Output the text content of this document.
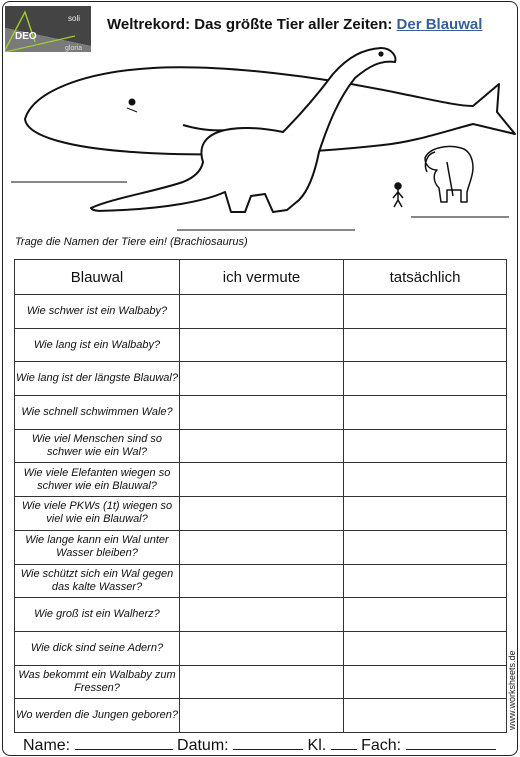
DEO
soli
gloria
Weltrekord: Das größte Tier aller Zeiten: Der Blauwal
Trage die Namen der Tiere ein! (Brachiosaurus)
Blauwal	ich vermute	tatsächlich
Wie schwer ist ein Walbaby?		
Wie lang ist ein Walbaby?		
Wie lang ist der längste Blauwal?		
Wie schnell schwimmen Wale?		
Wie viel Menschen sind so schwer wie ein Wal?		
Wie viele Elefanten wiegen so schwer wie ein Blauwal?		
Wie viele PKWs (1t) wiegen so viel wie ein Blauwal?		
Wie lange kann ein Wal unter Wasser bleiben?		
Wie schützt sich ein Wal gegen das kalte Wasser?		
Wie groß ist ein Walherz?		
Wie dick sind seine Adern?		
Was bekommt ein Walbaby zum Fressen?		
Wo werden die Jungen geboren?			www.worksheets.de
Name:	Datum:	Kl. Fach:
